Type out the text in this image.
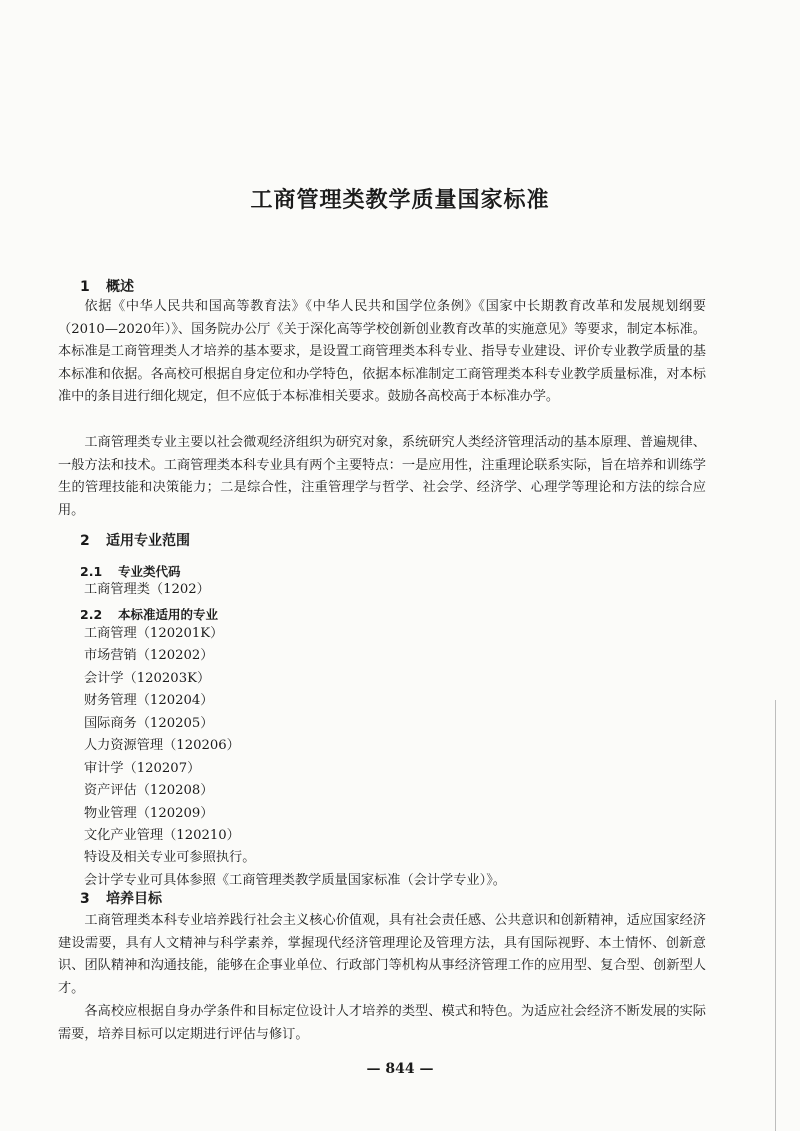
工商管理类教学质量国家标准
1 概述

依据《中华人民共和国高等教育法》《中华人民共和国学位条例》《国家中长期教育改革和发展规划纲要（2010—2020年）》、国务院办公厅《关于深化高等学校创新创业教育改革的实施意见》等要求，制定本标准。本标准是工商管理类人才培养的基本要求，是设置工商管理类本科专业、指导专业建设、评价专业教学质量的基本标准和依据。各高校可根据自身定位和办学特色，依据本标准制定工商管理类本科专业教学质量标准，对本标准中的条目进行细化规定，但不应低于本标准相关要求。鼓励各高校高于本标准办学。

工商管理类专业主要以社会微观经济组织为研究对象，系统研究人类经济管理活动的基本原理、普遍规律、一般方法和技术。工商管理类本科专业具有两个主要特点：一是应用性，注重理论联系实际，旨在培养和训练学生的管理技能和决策能力；二是综合性，注重管理学与哲学、社会学、经济学、心理学等理论和方法的综合应用。

2 适用专业范围
2.1 专业类代码
工商管理类（1202）
2.2 本标准适用的专业
工商管理（120201K）
市场营销（120202）
会计学（120203K）
财务管理（120204）
国际商务（120205）
人力资源管理（120206）
审计学（120207）
资产评估（120208）
物业管理（120209）
文化产业管理（120210）
特设及相关专业可参照执行。
会计学专业可具体参照《工商管理类教学质量国家标准（会计学专业）》。
3 培养目标

工商管理类本科专业培养践行社会主义核心价值观，具有社会责任感、公共意识和创新精神，适应国家经济建设需要，具有人文精神与科学素养，掌握现代经济管理理论及管理方法，具有国际视野、本土情怀、创新意识、团队精神和沟通技能，能够在企事业单位、行政部门等机构从事经济管理工作的应用型、复合型、创新型人才。

各高校应根据自身办学条件和目标定位设计人才培养的类型、模式和特色。为适应社会经济不断发展的实际需要，培养目标可以定期进行评估与修订。

— 844 —
